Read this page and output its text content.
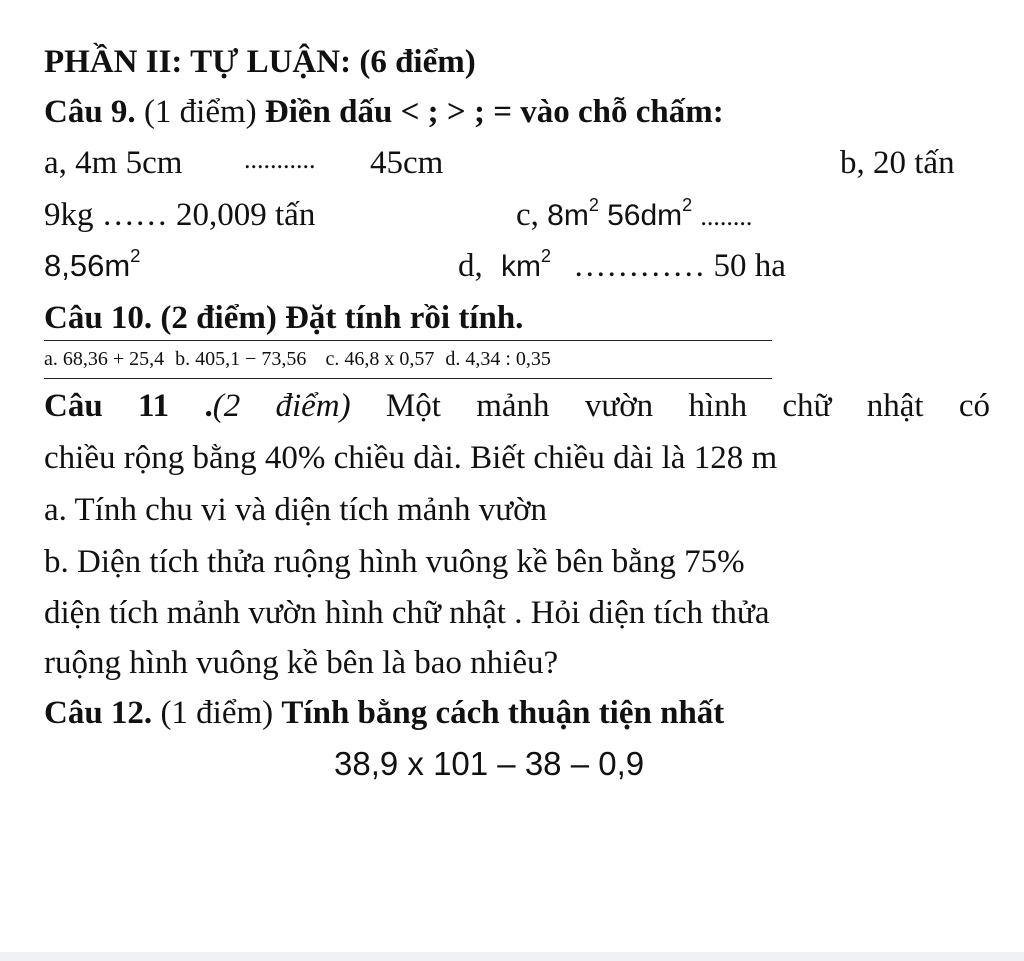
PHẦN II: TỰ LUẬN: (6 điểm)
Câu 9. (1 điểm) Điền dấu < ; > ; = vào chỗ chấm:
a, 4m 5cm ........... 45cm	b, 20 tấn
9kg …… 20,009 tấn	c, $8m^2$ $56dm^2$ ........
$8,56m^2$	d, $km^2$ ………… 50 ha
Câu 10. (2 điểm) Đặt tính rồi tính.
a. 68,36 + 25,4 b. 405,1 − 73,56 c. 46,8 x 0,57 d. 4,34 : 0,35
Câu 11 .(2 điểm) Một mảnh vườn hình chữ nhật có
chiều rộng bằng 40% chiều dài. Biết chiều dài là 128 m
a. Tính chu vi và diện tích mảnh vườn
b. Diện tích thửa ruộng hình vuông kề bên bằng 75%
diện tích mảnh vườn hình chữ nhật . Hỏi diện tích thửa
ruộng hình vuông kề bên là bao nhiêu?
Câu 12. (1 điểm) Tính bằng cách thuận tiện nhất
38,9 x 101 – 38 – 0,9
